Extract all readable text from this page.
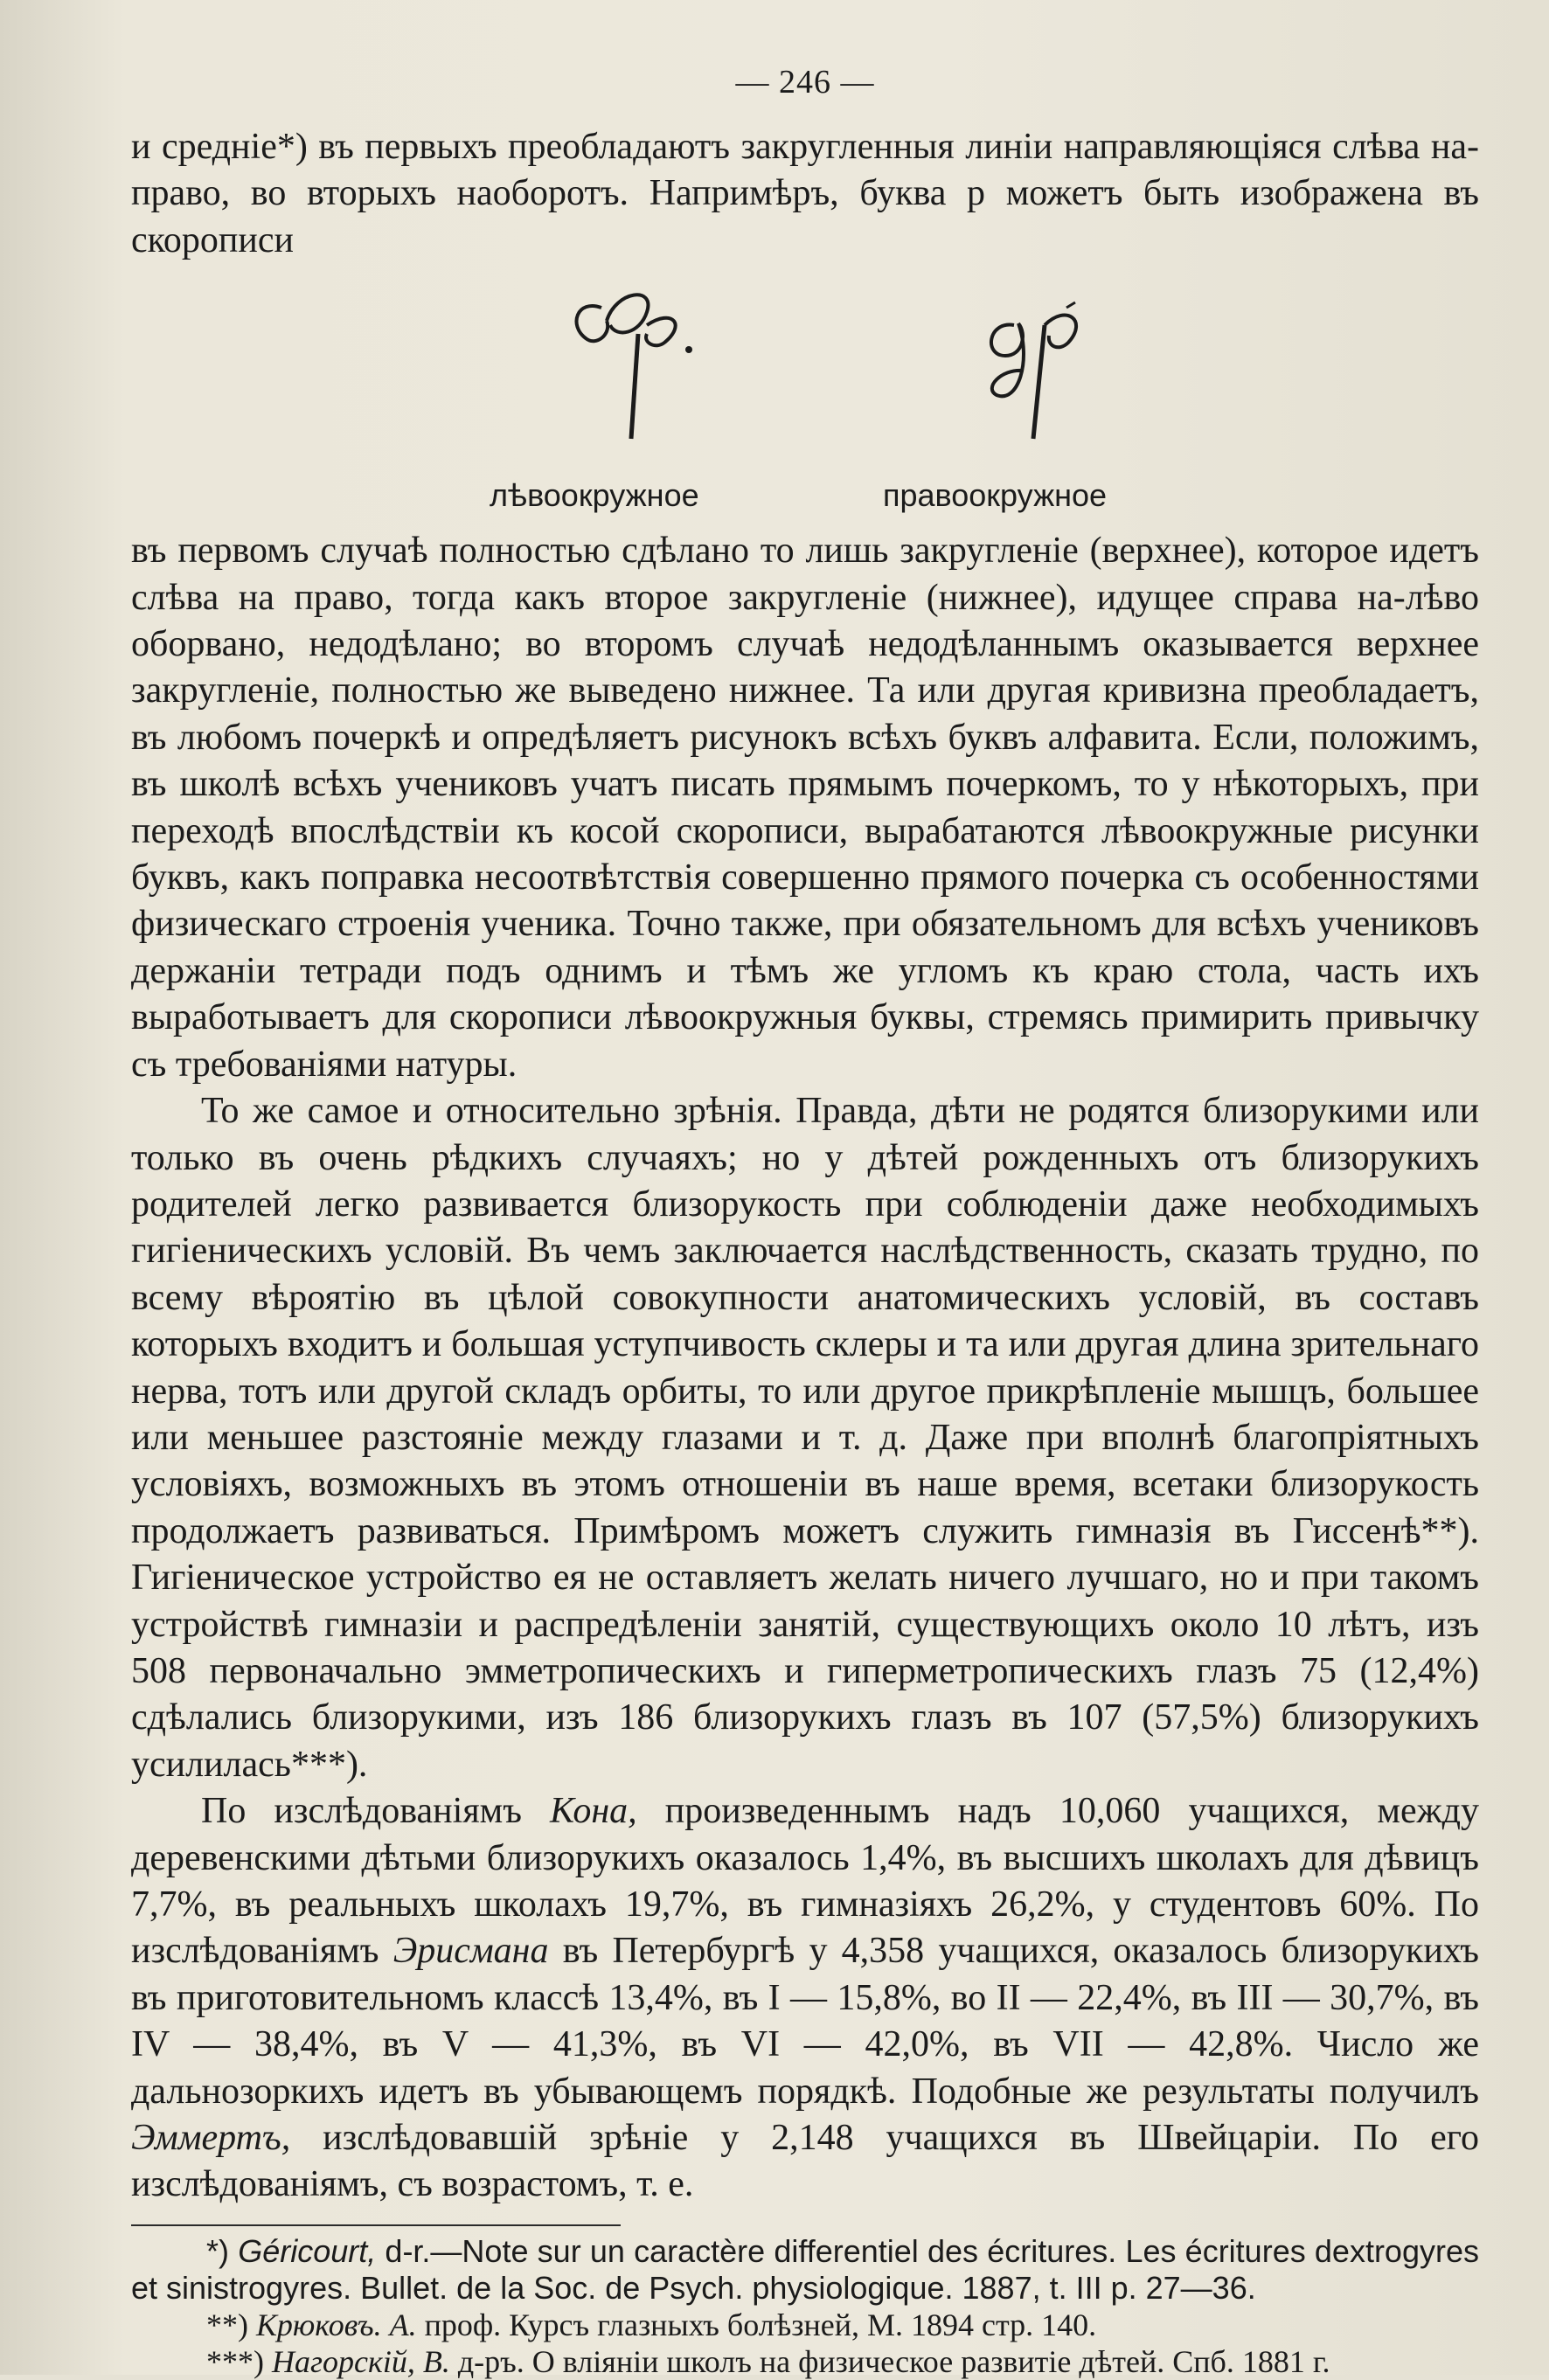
— 246 —

и средніе*) въ первыхъ преобладаютъ закругленныя линіи направляющіяся слѣва на-право, во вторыхъ наоборотъ. Напримѣръ, буква р можетъ быть изображена въ скорописи

лѣвоокружное	правоокружное

въ первомъ случаѣ полностью сдѣлано то лишь закругленіе (верхнее), которое идетъ слѣва на право, тогда какъ второе закругленіе (нижнее), идущее справа на-лѣво оборвано, недодѣлано; во второмъ случаѣ недодѣланнымъ оказывается верхнее закругленіе, полностью же выведено нижнее. Та или другая кривизна преобладаетъ, въ любомъ почеркѣ и опредѣляетъ рисунокъ всѣхъ буквъ алфавита. Если, положимъ, въ школѣ всѣхъ учениковъ учатъ писать прямымъ почеркомъ, то у нѣкоторыхъ, при переходѣ впослѣдствіи къ косой скорописи, вырабатаются лѣвоокружные рисунки буквъ, какъ поправка несоотвѣтствія совершенно прямого почерка съ особенностями физическаго строенія ученика. Точно также, при обязательномъ для всѣхъ учениковъ держаніи тетради подъ однимъ и тѣмъ же угломъ къ краю стола, часть ихъ выработываетъ для скорописи лѣвоокружныя буквы, стремясь примирить привычку съ требованіями натуры.

То же самое и относительно зрѣнія. Правда, дѣти не родятся близорукими или только въ очень рѣдкихъ случаяхъ; но у дѣтей рожденныхъ отъ близорукихъ родителей легко развивается близорукость при соблюденіи даже необходимыхъ гигіеническихъ условій. Въ чемъ заключается наслѣдственность, сказать трудно, по всему вѣроятію въ цѣлой совокупности анатомическихъ условій, въ составъ которыхъ входитъ и большая уступчивость склеры и та или другая длина зрительнаго нерва, тотъ или другой складъ орбиты, то или другое прикрѣпленіе мышцъ, большее или меньшее разстояніе между глазами и т. д. Даже при вполнѣ благопріятныхъ условіяхъ, возможныхъ въ этомъ отношеніи въ наше время, всетаки близорукость продолжаетъ развиваться. Примѣромъ можетъ служить гимназія въ Гиссенѣ**). Гигіеническое устройство ея не оставляетъ желать ничего лучшаго, но и при такомъ устройствѣ гимназіи и распредѣленіи занятій, существующихъ около 10 лѣтъ, изъ 508 первоначально эмметропическихъ и гиперметропическихъ глазъ 75 (12,4%) сдѣлались близорукими, изъ 186 близорукихъ глазъ въ 107 (57,5%) близорукихъ усилилась***).

По изслѣдованіямъ Кона, произведеннымъ надъ 10,060 учащихся, между деревенскими дѣтьми близорукихъ оказалось 1,4%, въ высшихъ школахъ для дѣвицъ 7,7%, въ реальныхъ школахъ 19,7%, въ гимназіяхъ 26,2%, у студентовъ 60%. По изслѣдованіямъ Эрисмана въ Петербургѣ у 4,358 учащихся, оказалось близорукихъ въ приготовительномъ классѣ 13,4%, въ I — 15,8%, во II — 22,4%, въ III — 30,7%, въ IV — 38,4%, въ V — 41,3%, въ VI — 42,0%, въ VII — 42,8%. Число же дальнозоркихъ идетъ въ убывающемъ порядкѣ. Подобные же результаты получилъ Эммертъ, изслѣдовавшій зрѣніе у 2,148 учащихся въ Швейцаріи. По его изслѣдованіямъ, съ возрастомъ, т. е.

*) Géricourt, d-r.—Note sur un caractère differentiel des écritures. Les écritures dextrogyres et sinistrogyres. Bullet. de la Soc. de Psych. physiologique. 1887, t. III p. 27—36.
**) Крюковъ. А. проф. Курсъ глазныхъ болѣзней, М. 1894 стр. 140.
***) Нагорскій, В. д-ръ. О вліяніи школъ на физическое развитіе дѣтей. Спб. 1881 г.
